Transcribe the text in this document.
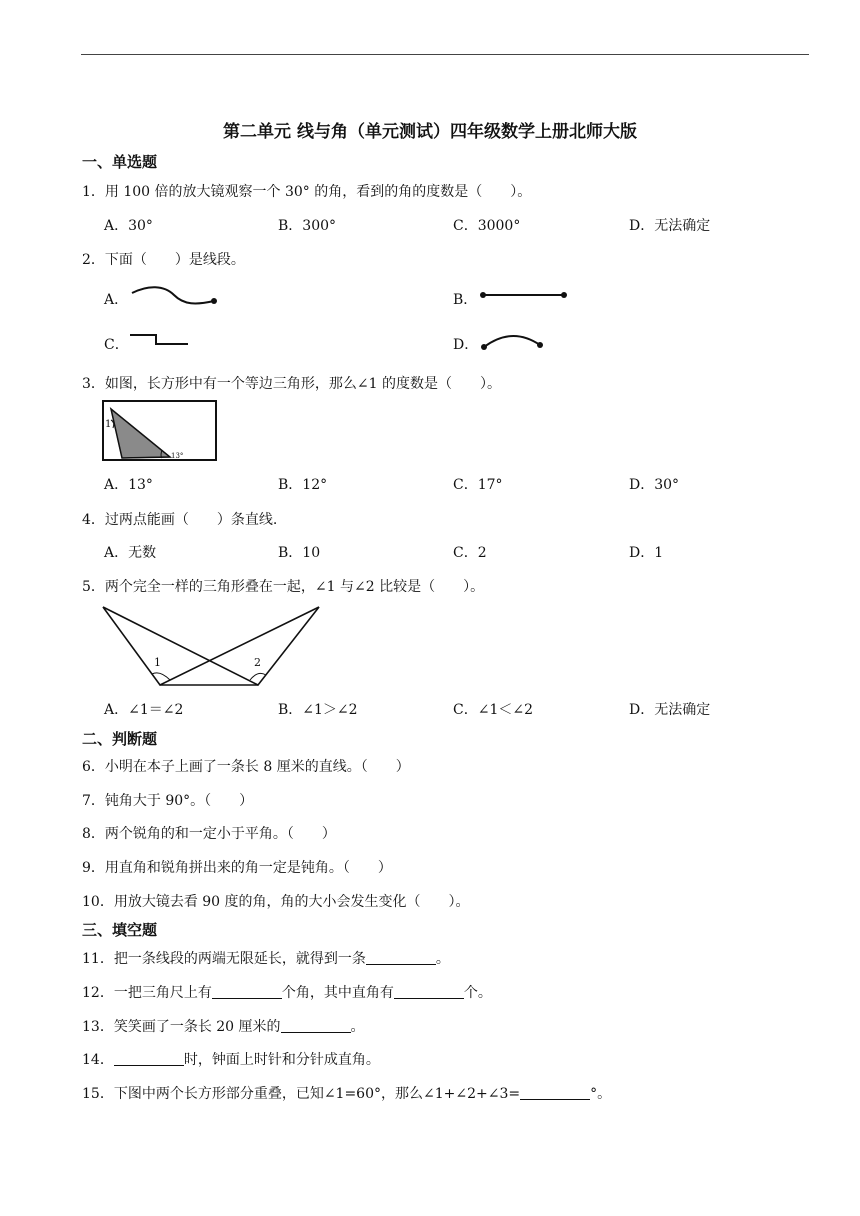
第二单元 线与角（单元测试）四年级数学上册北师大版
一、单选题
1．用 100 倍的放大镜观察一个 30° 的角，看到的角的度数是（　　）。
A．30°	B．300°	C．3000°	D．无法确定
2．下面（　　）是线段。
A．	B．
C．	D．
3．如图，长方形中有一个等边三角形，那么∠1 的度数是（　　）。
1
13°
A．13°	B．12°	C．17°	D．30°
4．过两点能画（　　）条直线.
A．无数	B．10	C．2	D．1
5．两个完全一样的三角形叠在一起，∠1 与∠2 比较是（　　）。
1	2
A．∠1＝∠2	B．∠1＞∠2	C．∠1＜∠2	D．无法确定
二、判断题
6．小明在本子上画了一条长 8 厘米的直线。（　　）
7．钝角大于 90°。（　　）
8．两个锐角的和一定小于平角。（　　）
9．用直角和锐角拼出来的角一定是钝角。（　　）
10．用放大镜去看 90 度的角，角的大小会发生变化（　　）。
三、填空题
11．把一条线段的两端无限延长，就得到一条	。
12．一把三角尺上有	个角，其中直角有	个。
13．笑笑画了一条长 20 厘米的	。
14．	时，钟面上时针和分针成直角。
15．下图中两个长方形部分重叠，已知∠1=60°，那么∠1+∠2+∠3=	°。
